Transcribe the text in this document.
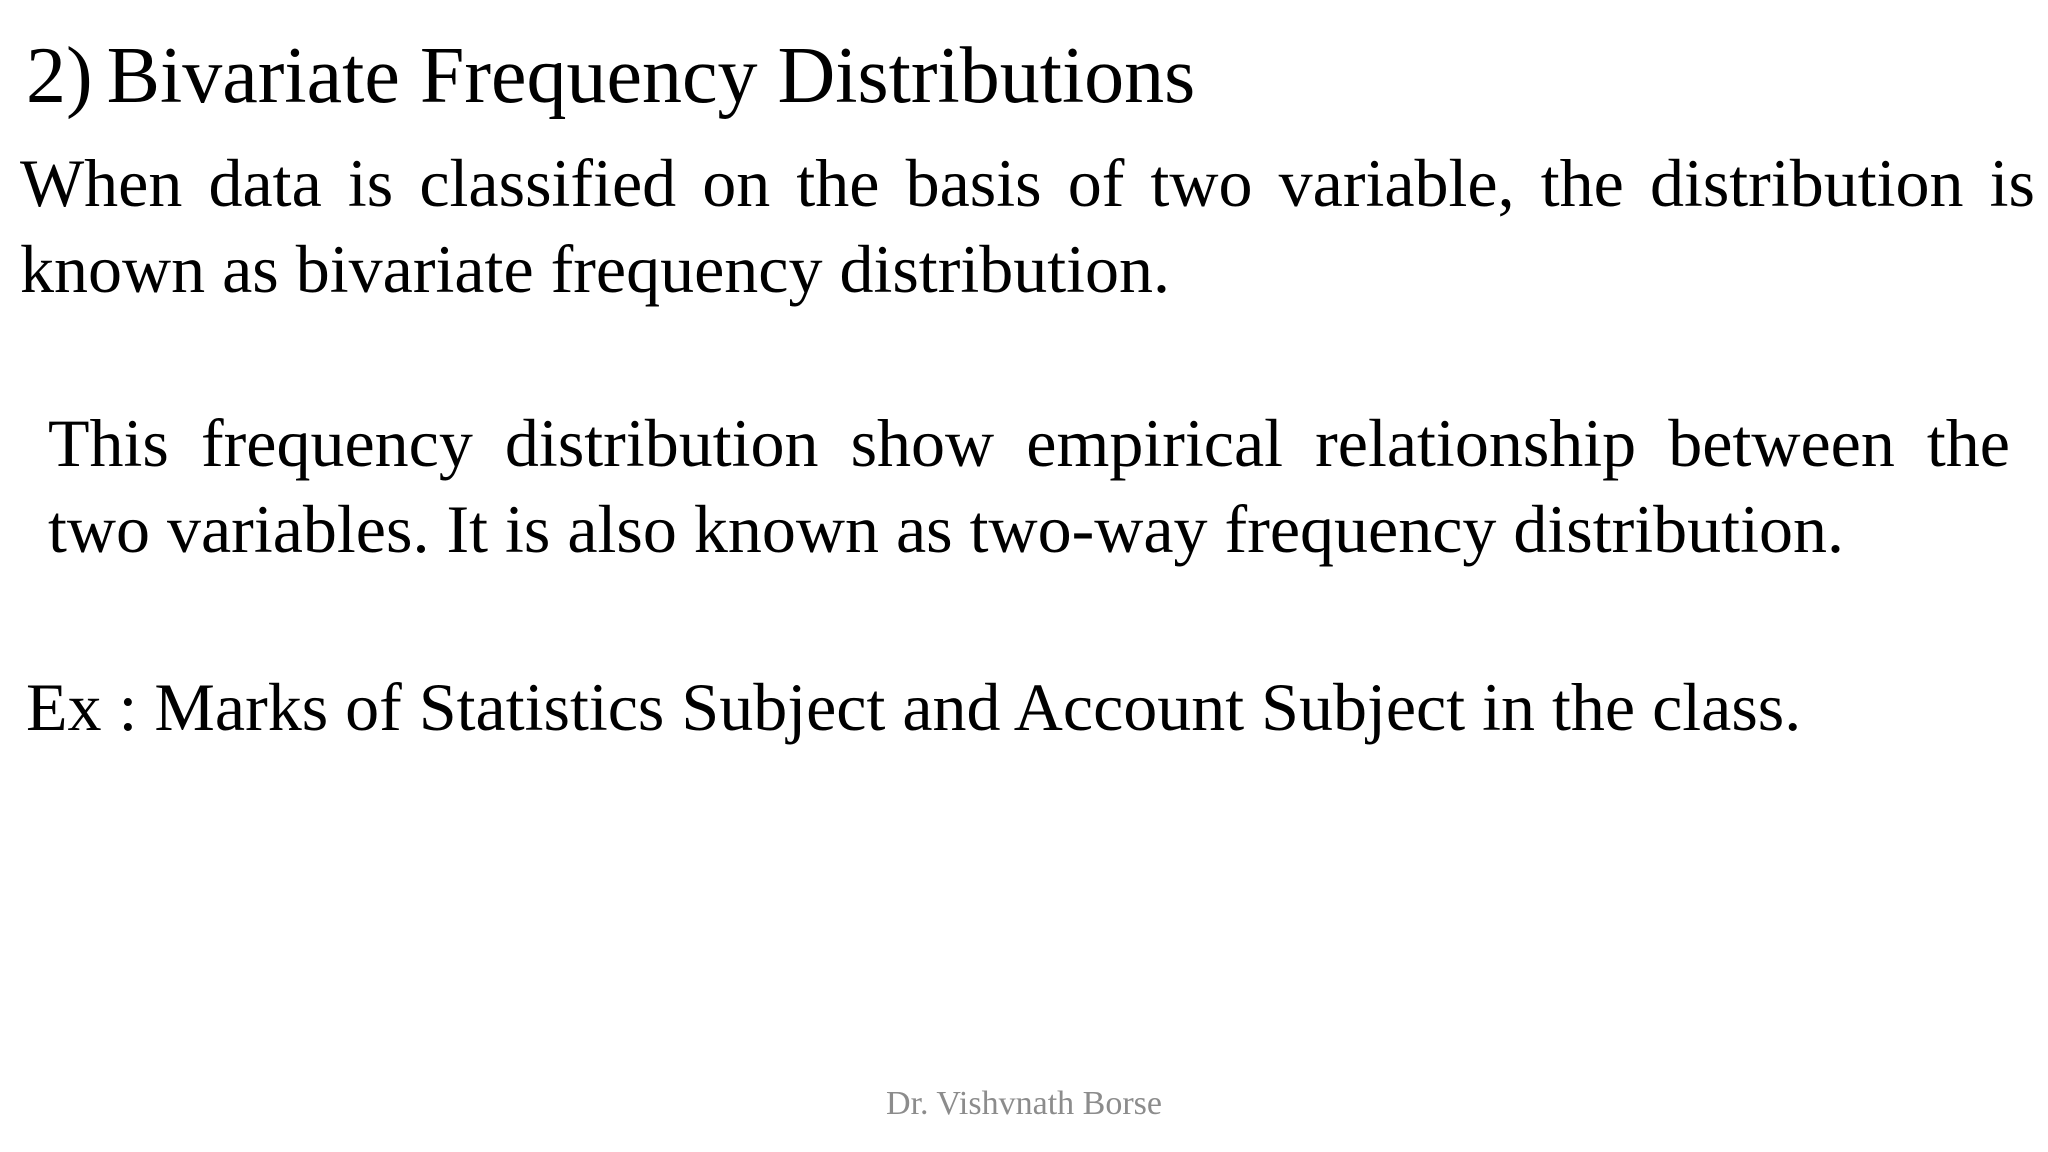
2) Bivariate Frequency Distributions

When data is classified on the basis of two variable, the distribution is known as bivariate frequency distribution.

This frequency distribution show empirical relationship between the two variables. It is also known as two-way frequency distribution.

Ex : Marks of Statistics Subject and Account Subject in the class.

Dr. Vishvnath Borse
